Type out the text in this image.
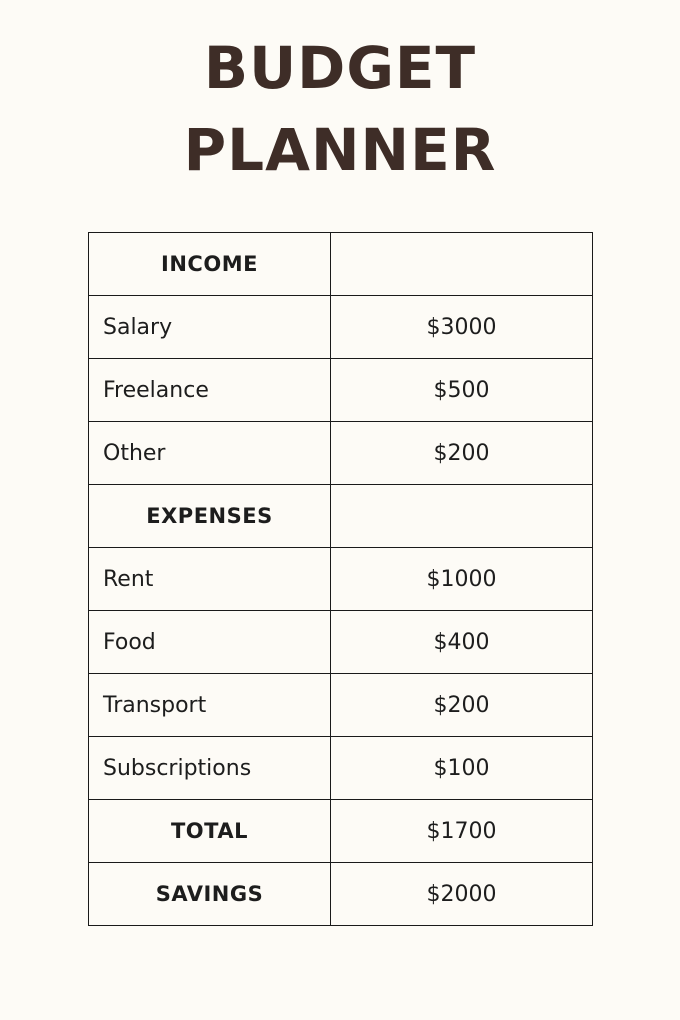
BUDGET
PLANNER
INCOME	
Salary	$3000
Freelance	$500
Other	$200
EXPENSES	
Rent	$1000
Food	$400
Transport	$200
Subscriptions	$100
TOTAL	$1700
SAVINGS	$2000
